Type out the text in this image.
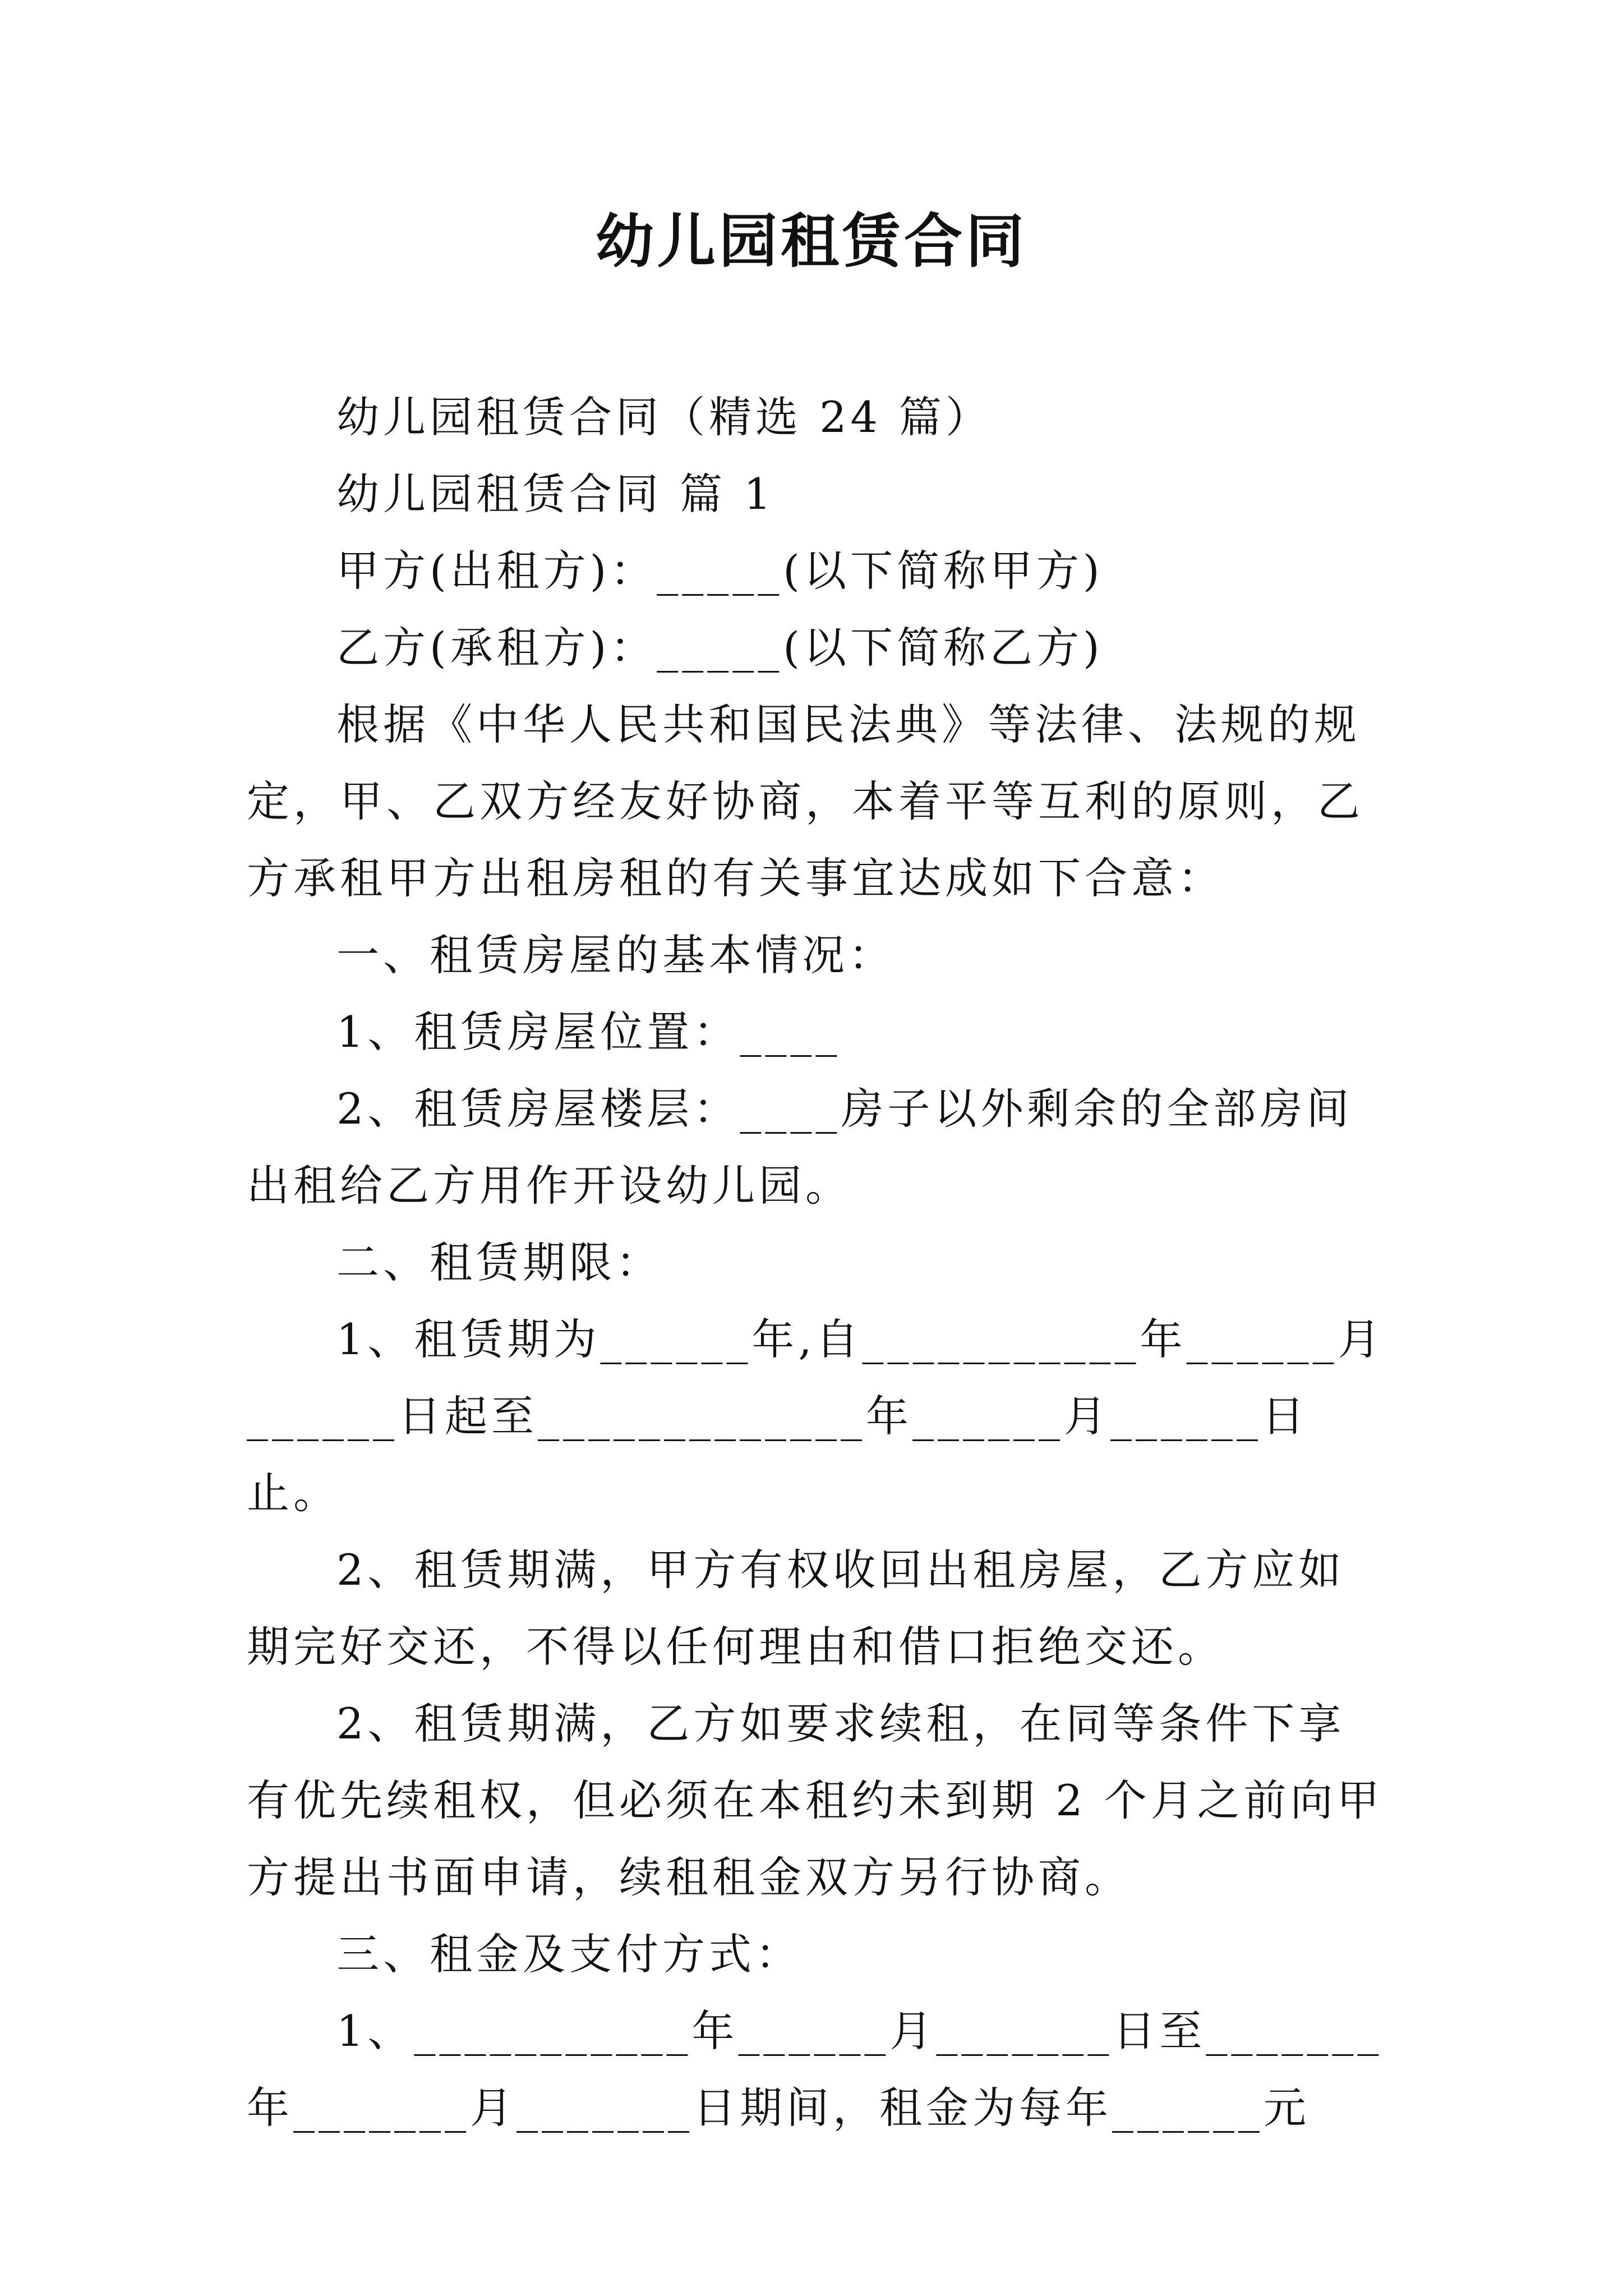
幼儿园租赁合同

幼儿园租赁合同（精选 24 篇）

幼儿园租赁合同 篇 1

甲方(出租方)：_____(以下简称甲方)

乙方(承租方)：_____(以下简称乙方)

根据《中华人民共和国民法典》等法律、法规的规定，甲、乙双方经友好协商，本着平等互利的原则，乙方承租甲方出租房租的有关事宜达成如下合意：

一、租赁房屋的基本情况：

1、租赁房屋位置：____

2、租赁房屋楼层：____房子以外剩余的全部房间出租给乙方用作开设幼儿园。

二、租赁期限：

1、租赁期为______年,自___________年______月______日起至_____________年______月______日止。

2、租赁期满，甲方有权收回出租房屋，乙方应如期完好交还，不得以任何理由和借口拒绝交还。

2、租赁期满，乙方如要求续租，在同等条件下享有优先续租权，但必须在本租约未到期 2 个月之前向甲方提出书面申请，续租租金双方另行协商。

三、租金及支付方式：

1、___________年______月_______日至_______年_______月_______日期间，租金为每年______元
